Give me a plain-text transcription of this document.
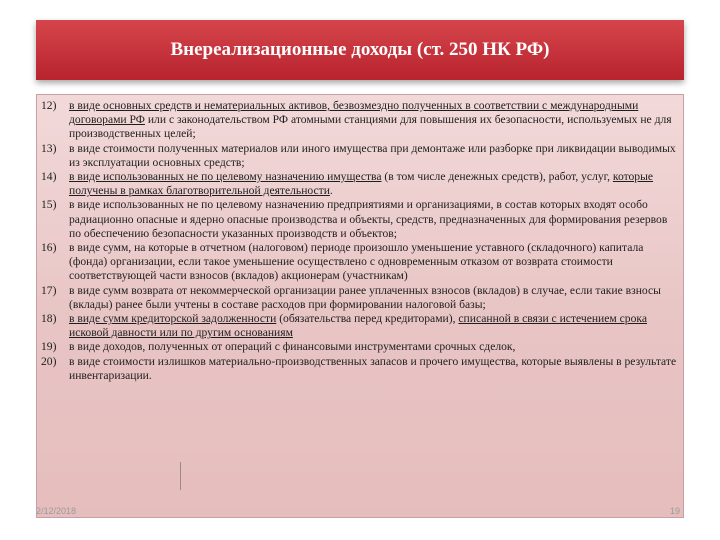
Внереализационные доходы (ст. 250 НК РФ)
12)	в виде основных средств и нематериальных активов, безвозмездно полученных в соответствии с международными договорами РФ или с законодательством РФ атомными станциями для повышения их безопасности, используемых не для производственных целей;
13)	в виде стоимости полученных материалов или иного имущества при демонтаже или разборке при ликвидации выводимых из эксплуатации основных средств;
14)	в виде использованных не по целевому назначению имущества (в том числе денежных средств), работ, услуг, которые получены в рамках благотворительной деятельности.
15)	в виде использованных не по целевому назначению предприятиями и организациями, в состав которых входят особо радиационно опасные и ядерно опасные производства и объекты, средств, предназначенных для формирования резервов по обеспечению безопасности указанных производств и объектов;
16)	в виде сумм, на которые в отчетном (налоговом) периоде произошло уменьшение уставного (складочного) капитала (фонда) организации, если такое уменьшение осуществлено с одновременным отказом от возврата стоимости соответствующей части взносов (вкладов) акционерам (участникам)
17)	в виде сумм возврата от некоммерческой организации ранее уплаченных взносов (вкладов) в случае, если такие взносы (вклады) ранее были учтены в составе расходов при формировании налоговой базы;
18)	в виде сумм кредиторской задолженности (обязательства перед кредиторами), списанной в связи с истечением срока исковой давности или по другим основаниям
19)	в виде доходов, полученных от операций с финансовыми инструментами срочных сделок,
20)	в виде стоимости излишков материально-производственных запасов и прочего имущества, которые выявлены в результате инвентаризации.
2/12/2018	19
